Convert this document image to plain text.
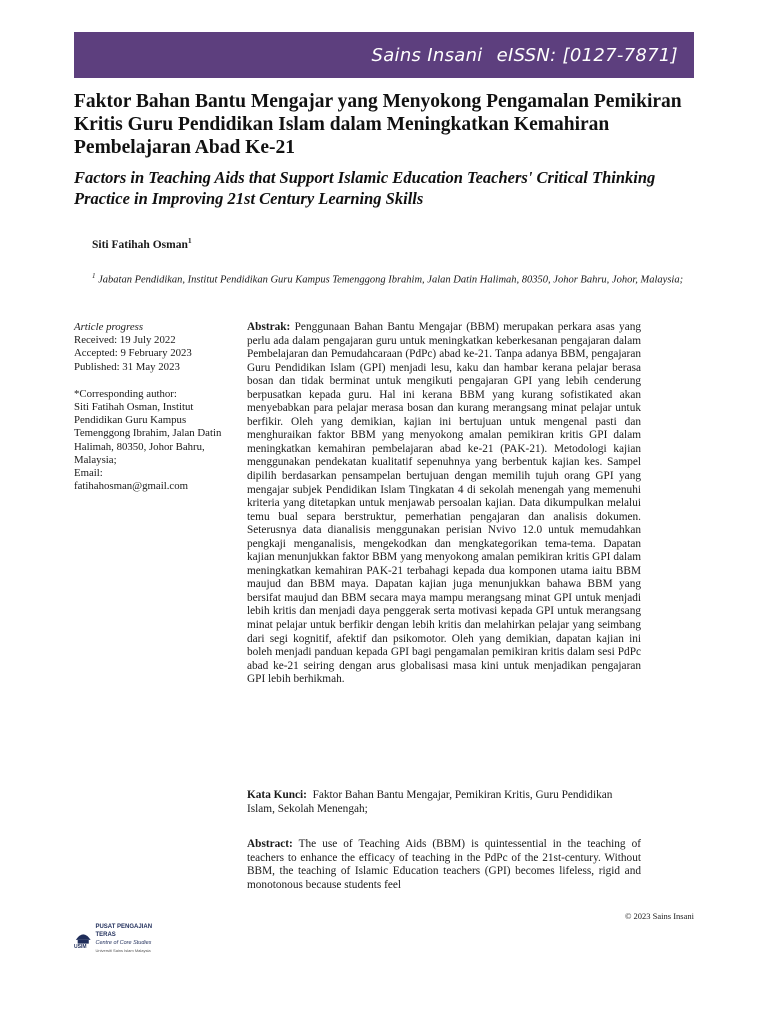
Sains Insani eISSN: [0127-7871]
Faktor Bahan Bantu Mengajar yang Menyokong Pengamalan Pemikiran Kritis Guru Pendidikan Islam dalam Meningkatkan Kemahiran Pembelajaran Abad Ke-21
Factors in Teaching Aids that Support Islamic Education Teachers' Critical Thinking Practice in Improving 21st Century Learning Skills
Siti Fatihah Osman$^1$
$^1$ Jabatan Pendidikan, Institut Pendidikan Guru Kampus Temenggong Ibrahim, Jalan Datin Halimah, 80350, Johor Bahru, Johor, Malaysia;
Article progress
Received: 19 July 2022
Accepted: 9 February 2023
Published: 31 May 2023
*Corresponding author:
Siti Fatihah Osman, Institut Pendidikan Guru Kampus Temenggong Ibrahim, Jalan Datin Halimah, 80350, Johor Bahru, Malaysia;
Email:
fatihahosman@gmail.com

Abstrak: Penggunaan Bahan Bantu Mengajar (BBM) merupakan perkara asas yang perlu ada dalam pengajaran guru untuk meningkatkan keberkesanan pengajaran dalam Pembelajaran dan Pemudahcaraan (PdPc) abad ke-21. Tanpa adanya BBM, pengajaran Guru Pendidikan Islam (GPI) menjadi lesu, kaku dan hambar kerana pelajar berasa bosan dan tidak berminat untuk mengikuti pengajaran GPI yang lebih cenderung berpusatkan kepada guru. Hal ini kerana BBM yang kurang sofistikated akan menyebabkan para pelajar merasa bosan dan kurang merangsang minat pelajar untuk berfikir. Oleh yang demikian, kajian ini bertujuan untuk mengenal pasti dan menghuraikan faktor BBM yang menyokong amalan pemikiran kritis GPI dalam meningkatkan kemahiran pembelajaran abad ke-21 (PAK-21). Metodologi kajian menggunakan pendekatan kualitatif sepenuhnya yang berbentuk kajian kes. Sampel dipilih berdasarkan pensampelan bertujuan dengan memilih tujuh orang GPI yang mengajar subjek Pendidikan Islam Tingkatan 4 di sekolah menengah yang memenuhi kriteria yang ditetapkan untuk menjawab persoalan kajian. Data dikumpulkan melalui temu bual separa berstruktur, pemerhatian pengajaran dan analisis dokumen. Seterusnya data dianalisis menggunakan perisian Nvivo 12.0 untuk memudahkan pengkaji menganalisis, mengekodkan dan mengkategorikan tema-tema. Dapatan kajian menunjukkan faktor BBM yang menyokong amalan pemikiran kritis GPI dalam meningkatkan kemahiran PAK-21 terbahagi kepada dua komponen utama iaitu BBM maujud dan BBM maya. Dapatan kajian juga menunjukkan bahawa BBM yang bersifat maujud dan BBM secara maya mampu merangsang minat GPI untuk menjadi lebih kritis dan menjadi daya penggerak serta motivasi kepada GPI untuk merangsang minat pelajar untuk berfikir dengan lebih kritis dan melahirkan pelajar yang seimbang dari segi kognitif, afektif dan psikomotor. Oleh yang demikian, dapatan kajian ini boleh menjadi panduan kepada GPI bagi pengamalan pemikiran kritis dalam sesi PdPc abad ke-21 seiring dengan arus globalisasi masa kini untuk menjadikan pengajaran GPI lebih berhikmah.

Kata Kunci: Faktor Bahan Bantu Mengajar, Pemikiran Kritis, Guru Pendidikan Islam, Sekolah Menengah;

Abstract: The use of Teaching Aids (BBM) is quintessential in the teaching of teachers to enhance the efficacy of teaching in the PdPc of the 21st-century. Without BBM, the teaching of Islamic Education teachers (GPI) becomes lifeless, rigid and monotonous because students feel

© 2023 Sains Insani
PUSAT PENGAJIAN TERAS
Centre of Core Studies
Universiti Sains Islam Malaysia
USIM
